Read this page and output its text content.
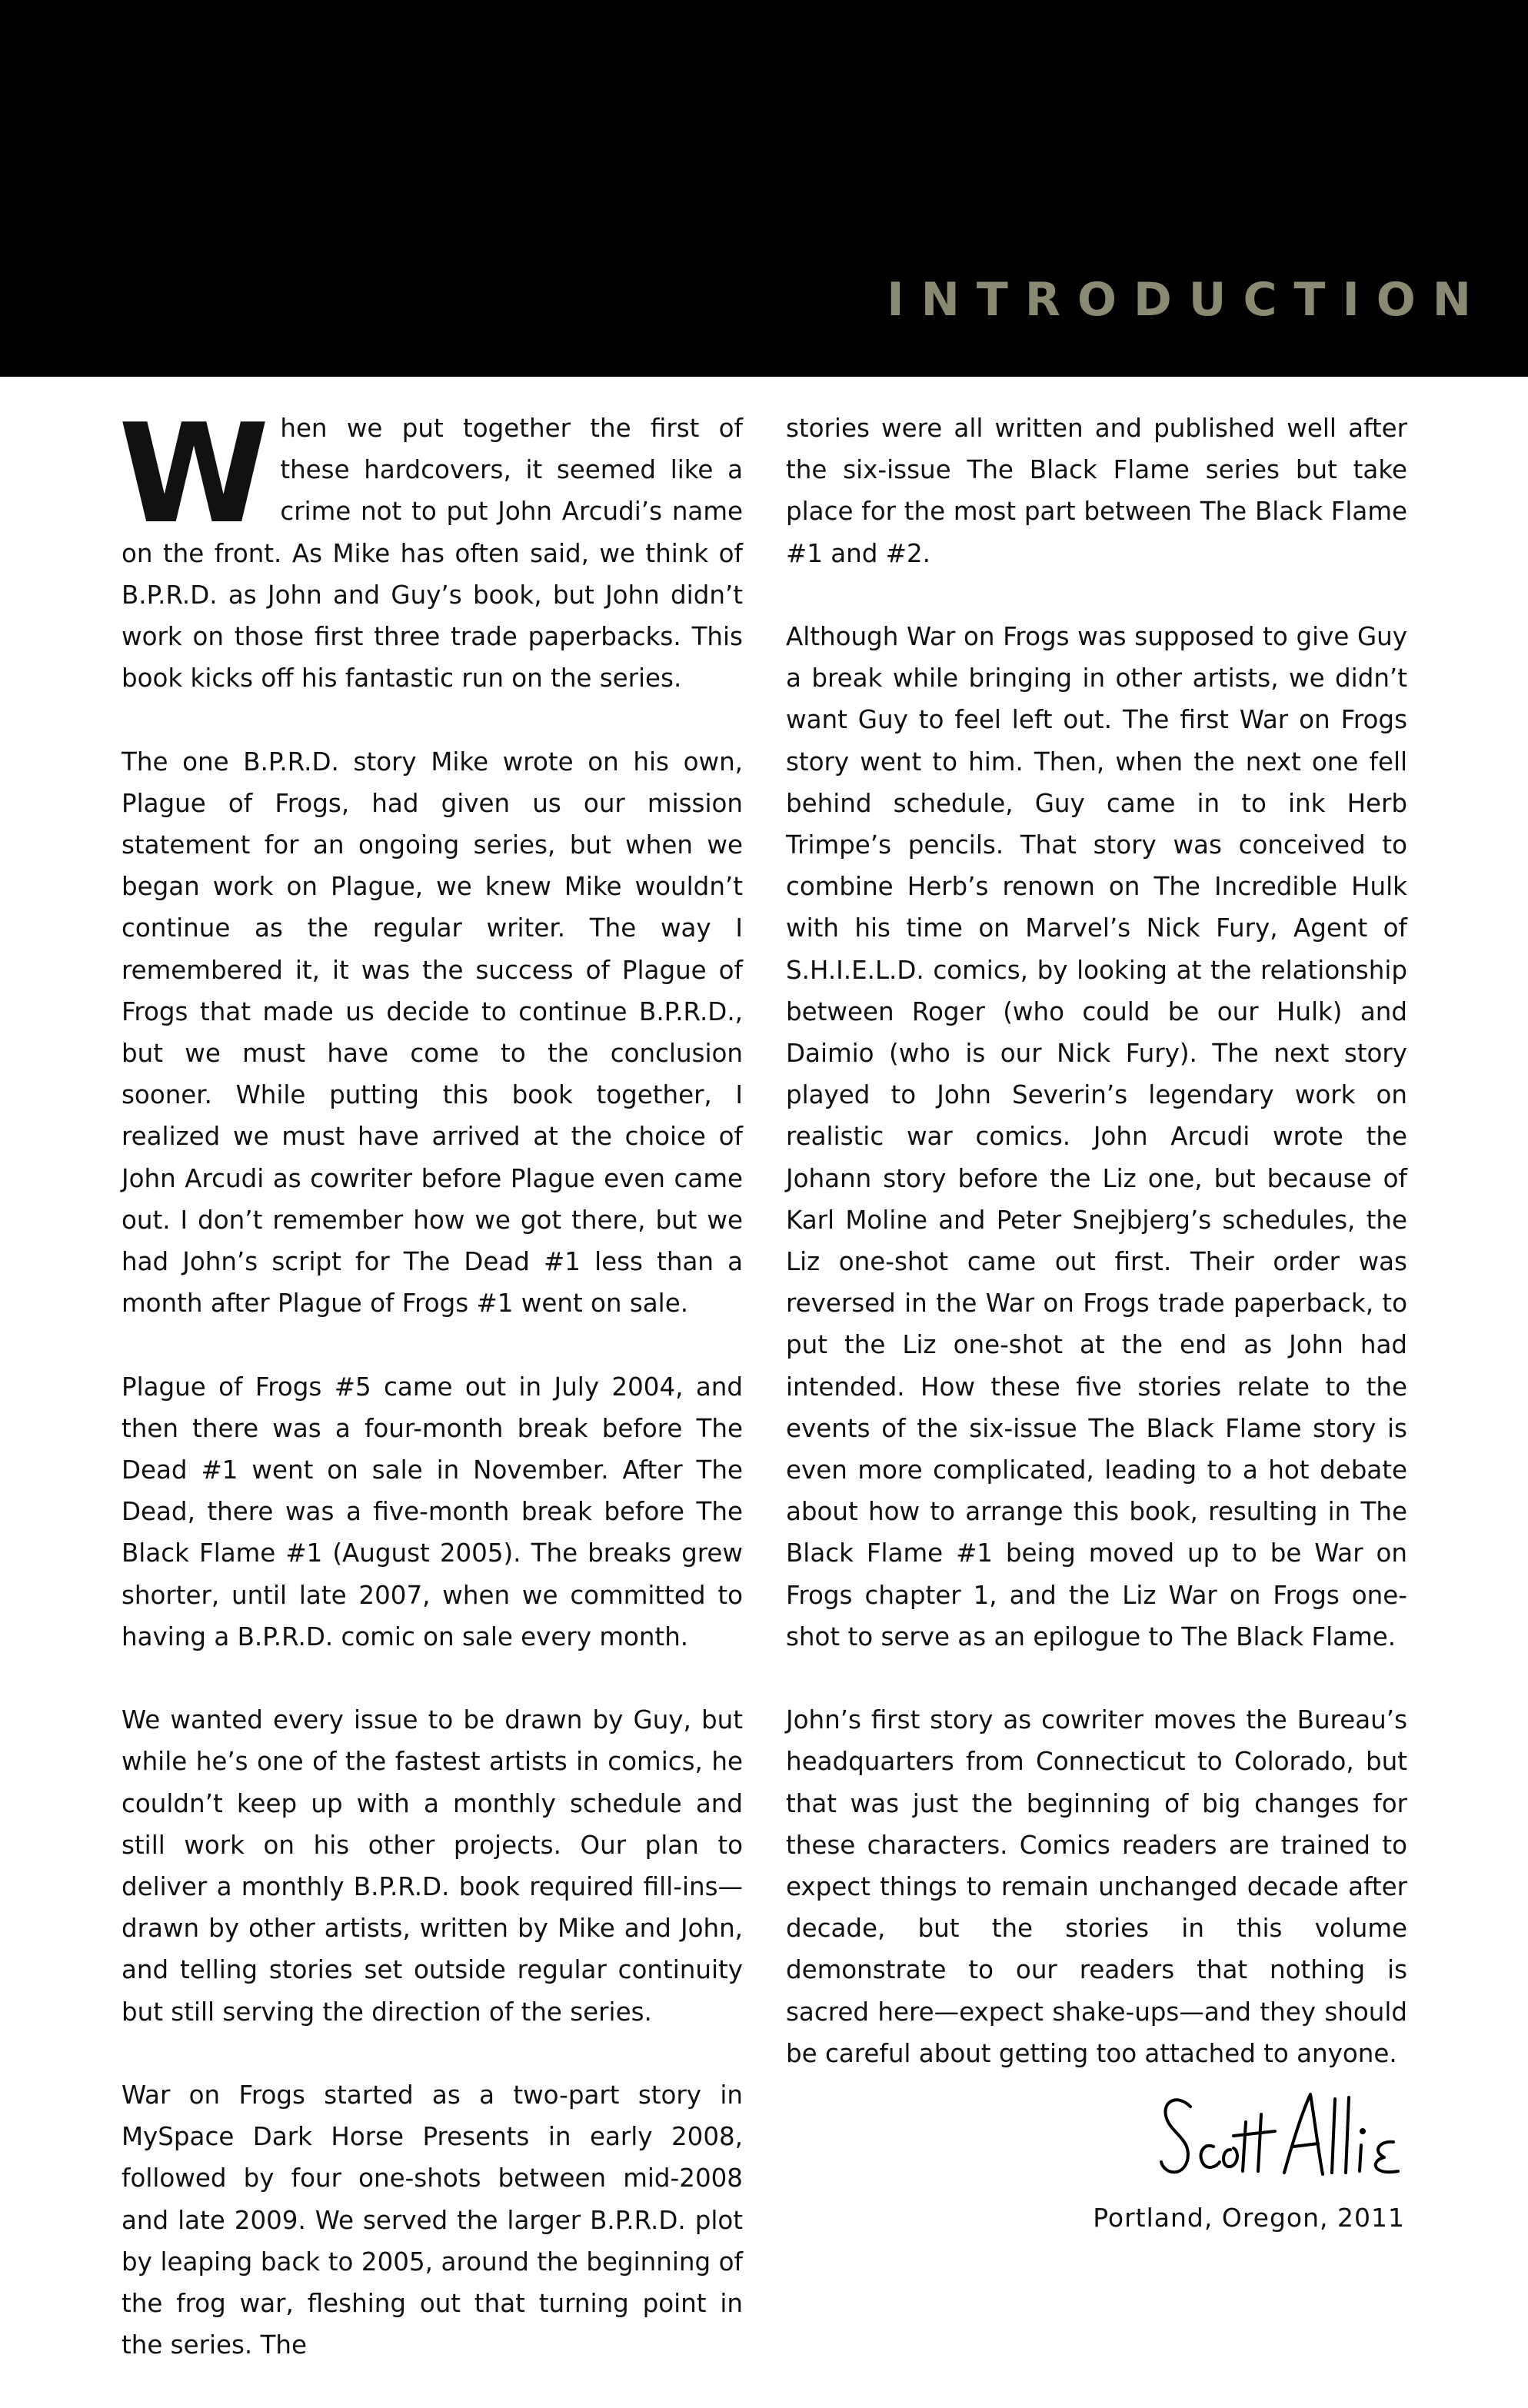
INTRODUCTION

When we put together the first of these hardcovers, it seemed like a crime not to put John Arcudi’s name on the front. As Mike has often said, we think of B.P.R.D. as John and Guy’s book, but John didn’t work on those first three trade paperbacks. This book kicks off his fantastic run on the series.

The one B.P.R.D. story Mike wrote on his own, Plague of Frogs, had given us our mission statement for an ongoing series, but when we began work on Plague, we knew Mike wouldn’t continue as the regular writer. The way I remembered it, it was the success of Plague of Frogs that made us decide to continue B.P.R.D., but we must have come to the conclusion sooner. While putting this book together, I realized we must have arrived at the choice of John Arcudi as cowriter before Plague even came out. I don’t remember how we got there, but we had John’s script for The Dead #1 less than a month after Plague of Frogs #1 went on sale.

Plague of Frogs #5 came out in July 2004, and then there was a four-month break before The Dead #1 went on sale in November. After The Dead, there was a five-month break before The Black Flame #1 (August 2005). The breaks grew shorter, until late 2007, when we committed to having a B.P.R.D. comic on sale every month.

We wanted every issue to be drawn by Guy, but while he’s one of the fastest artists in comics, he couldn’t keep up with a monthly schedule and still work on his other projects. Our plan to deliver a monthly B.P.R.D. book required fill-ins—drawn by other artists, written by Mike and John, and telling stories set outside regular continuity but still serving the direction of the series.

War on Frogs started as a two-part story in MySpace Dark Horse Presents in early 2008, followed by four one-shots between mid-2008 and late 2009. We served the larger B.P.R.D. plot by leaping back to 2005, around the beginning of the frog war, fleshing out that turning point in the series. The

stories were all written and published well after the six-issue The Black Flame series but take place for the most part between The Black Flame #1 and #2.

Although War on Frogs was supposed to give Guy a break while bringing in other artists, we didn’t want Guy to feel left out. The first War on Frogs story went to him. Then, when the next one fell behind schedule, Guy came in to ink Herb Trimpe’s pencils. That story was conceived to combine Herb’s renown on The Incredible Hulk with his time on Marvel’s Nick Fury, Agent of S.H.I.E.L.D. comics, by looking at the relationship between Roger (who could be our Hulk) and Daimio (who is our Nick Fury). The next story played to John Severin’s legendary work on realistic war comics. John Arcudi wrote the Johann story before the Liz one, but because of Karl Moline and Peter Snejbjerg’s schedules, the Liz one-shot came out first. Their order was reversed in the War on Frogs trade paperback, to put the Liz one-shot at the end as John had intended. How these five stories relate to the events of the six-issue The Black Flame story is even more complicated, leading to a hot debate about how to arrange this book, resulting in The Black Flame #1 being moved up to be War on Frogs chapter 1, and the Liz War on Frogs one-shot to serve as an epilogue to The Black Flame.

John’s first story as cowriter moves the Bureau’s headquarters from Connecticut to Colorado, but that was just the beginning of big changes for these characters. Comics readers are trained to expect things to remain unchanged decade after decade, but the stories in this volume demonstrate to our readers that nothing is sacred here—expect shake-ups—and they should be careful about getting too attached to anyone.

Portland, Oregon, 2011
